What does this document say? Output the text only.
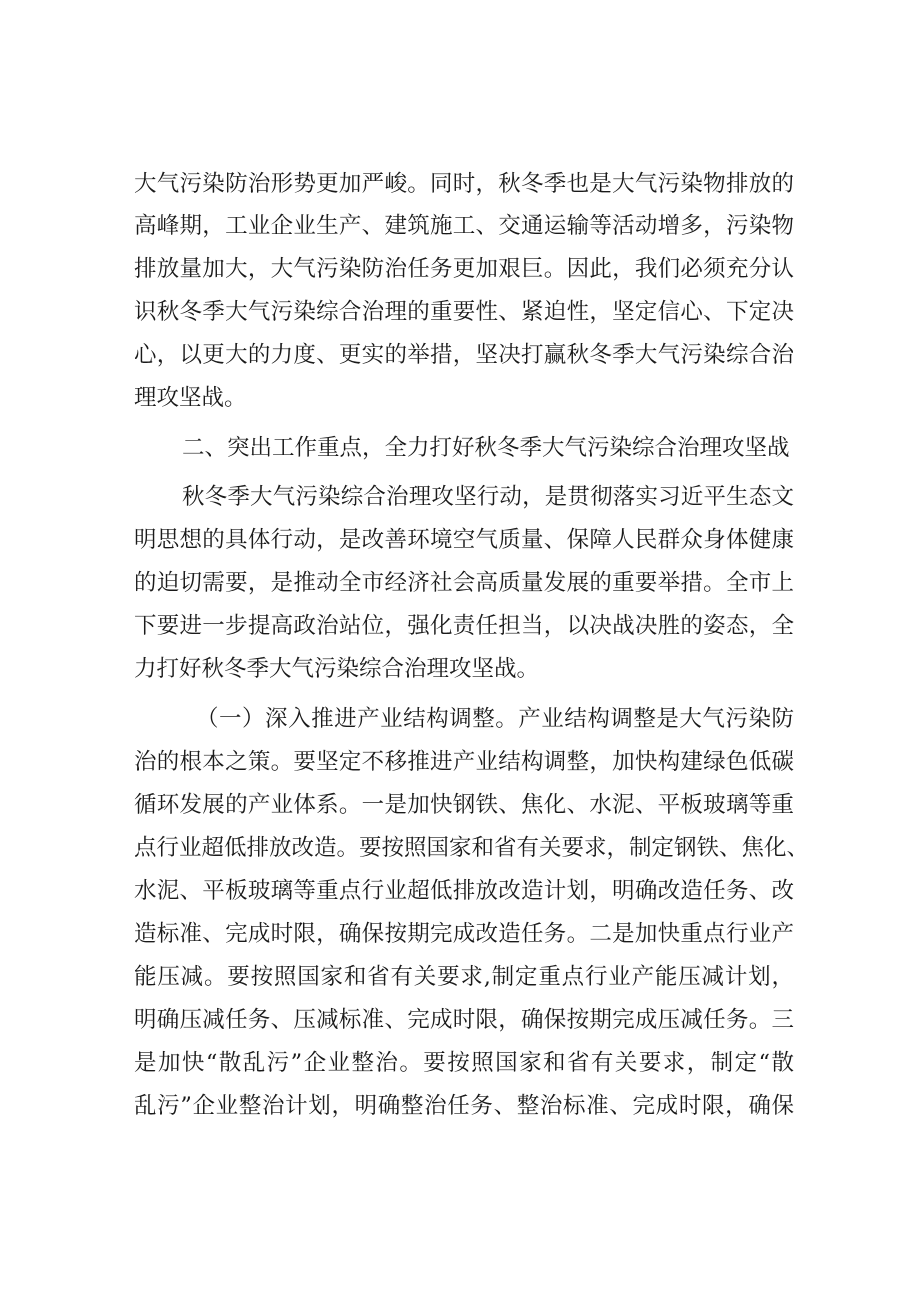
大气污染防治形势更加严峻。同时，秋冬季也是大气污染物排放的
高峰期，工业企业生产、建筑施工、交通运输等活动增多，污染物
排放量加大，大气污染防治任务更加艰巨。因此，我们必须充分认
识秋冬季大气污染综合治理的重要性、紧迫性，坚定信心、下定决
心，以更大的力度、更实的举措，坚决打赢秋冬季大气污染综合治
理攻坚战。
二、突出工作重点，全力打好秋冬季大气污染综合治理攻坚战
秋冬季大气污染综合治理攻坚行动，是贯彻落实习近平生态文
明思想的具体行动，是改善环境空气质量、保障人民群众身体健康
的迫切需要，是推动全市经济社会高质量发展的重要举措。全市上
下要进一步提高政治站位，强化责任担当，以决战决胜的姿态，全
力打好秋冬季大气污染综合治理攻坚战。
（一）深入推进产业结构调整。产业结构调整是大气污染防
治的根本之策。要坚定不移推进产业结构调整，加快构建绿色低碳
循环发展的产业体系。一是加快钢铁、焦化、水泥、平板玻璃等重
点行业超低排放改造。要按照国家和省有关要求，制定钢铁、焦化、
水泥、平板玻璃等重点行业超低排放改造计划，明确改造任务、改
造标准、完成时限，确保按期完成改造任务。二是加快重点行业产
能压减。要按照国家和省有关要求,制定重点行业产能压减计划，
明确压减任务、压减标准、完成时限，确保按期完成压减任务。三
是加快“散乱污”企业整治。要按照国家和省有关要求，制定“散
乱污”企业整治计划，明确整治任务、整治标准、完成时限，确保
